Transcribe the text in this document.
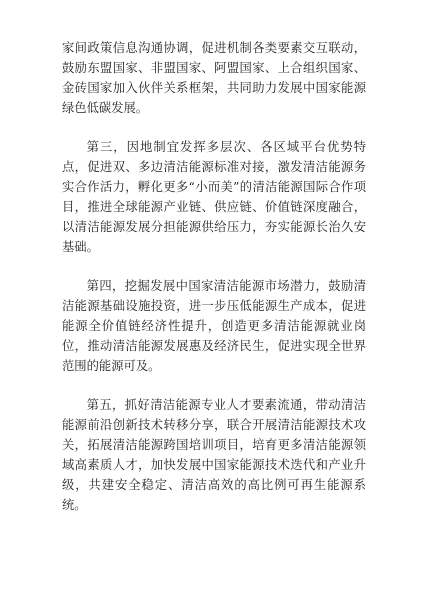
家间政策信息沟通协调，促进机制各类要素交互联动，鼓励东盟国家、非盟国家、阿盟国家、上合组织国家、金砖国家加入伙伴关系框架，共同助力发展中国家能源绿色低碳发展。

第三，因地制宜发挥多层次、各区域平台优势特点，促进双、多边清洁能源标准对接，激发清洁能源务实合作活力，孵化更多“小而美”的清洁能源国际合作项目，推进全球能源产业链、供应链、价值链深度融合，以清洁能源发展分担能源供给压力，夯实能源长治久安基础。

第四，挖掘发展中国家清洁能源市场潜力，鼓励清洁能源基础设施投资，进一步压低能源生产成本，促进能源全价值链经济性提升，创造更多清洁能源就业岗位，推动清洁能源发展惠及经济民生，促进实现全世界范围的能源可及。

第五，抓好清洁能源专业人才要素流通，带动清洁能源前沿创新技术转移分享，联合开展清洁能源技术攻关，拓展清洁能源跨国培训项目，培育更多清洁能源领域高素质人才，加快发展中国家能源技术迭代和产业升级，共建安全稳定、清洁高效的高比例可再生能源系统。
